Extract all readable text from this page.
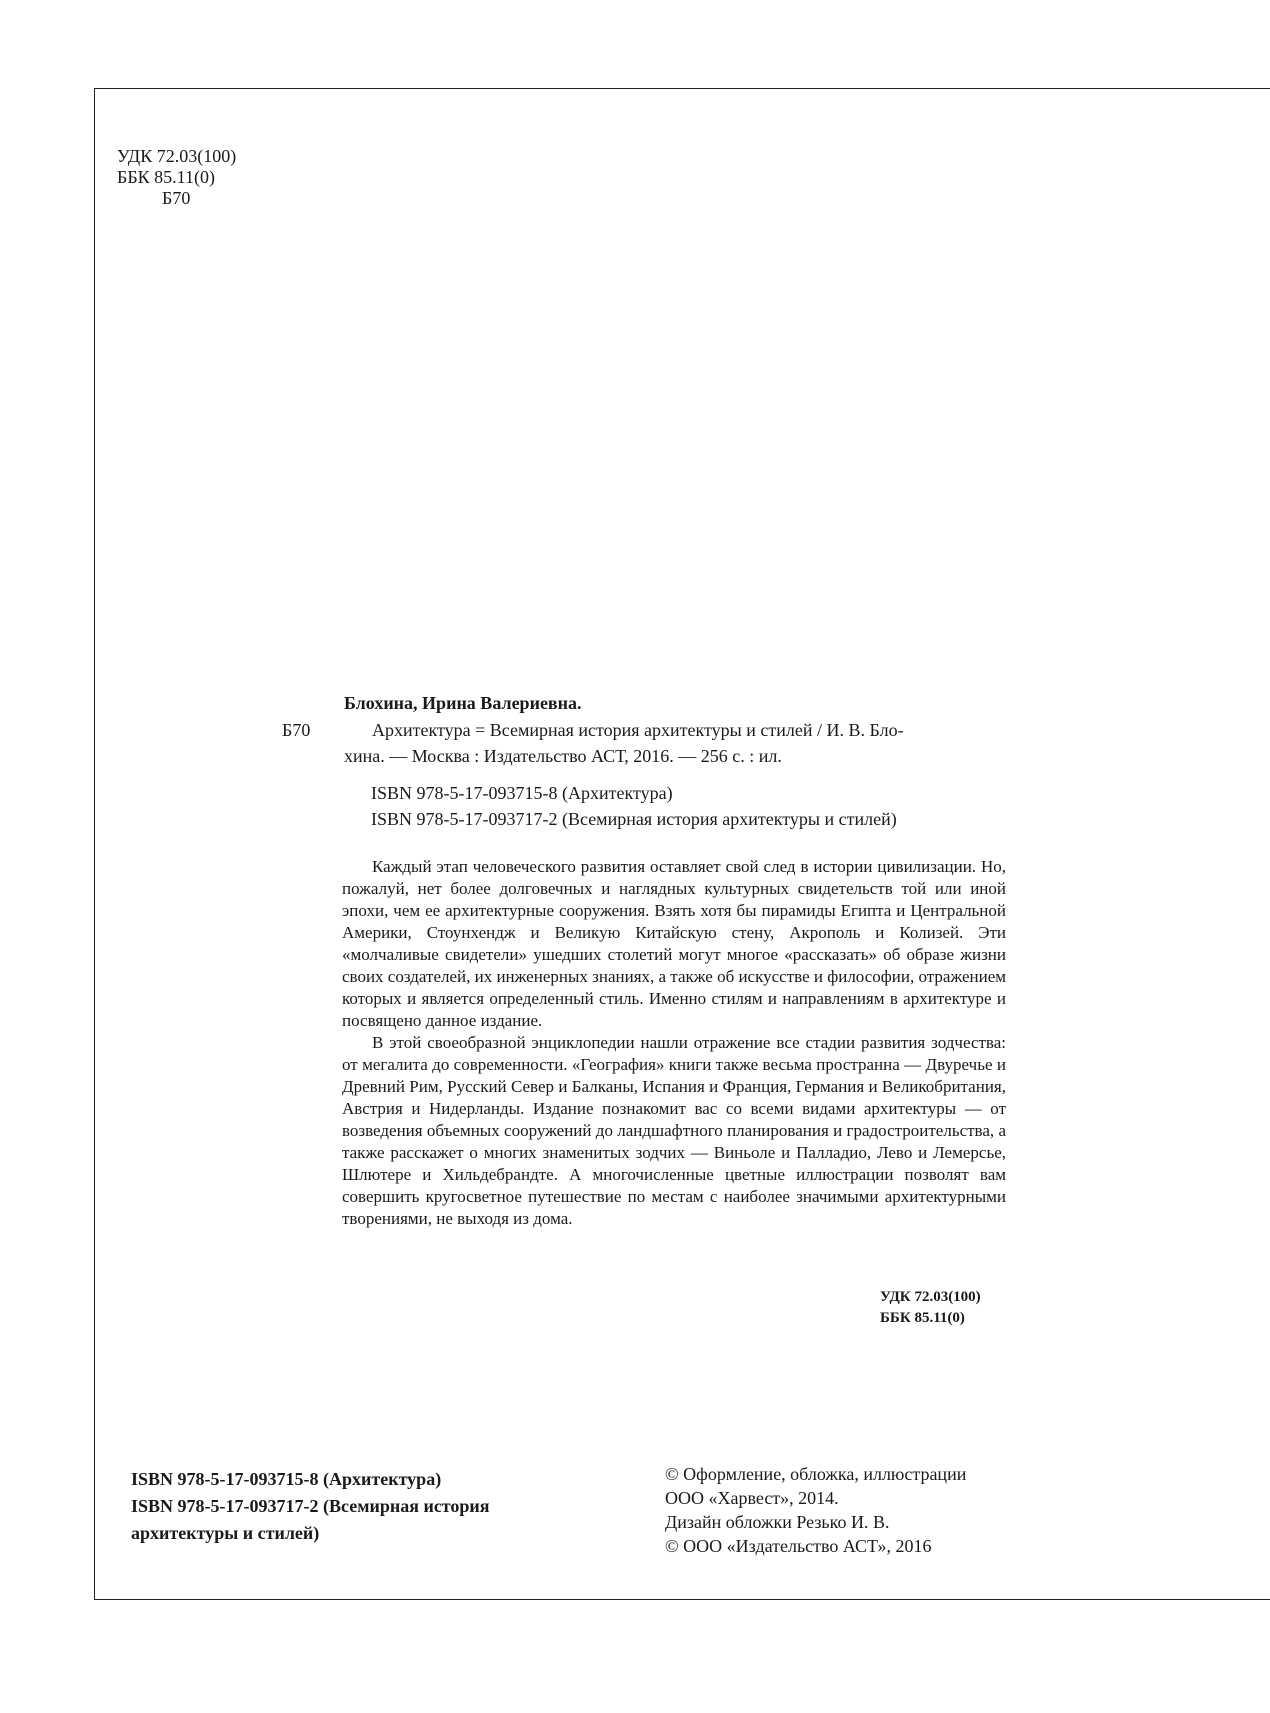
УДК 72.03(100)
ББК 85.11(0)
Б70
Блохина, Ирина Валериевна.
Б70	Архитектура = Всемирная история архитектуры и стилей / И. В. Бло-
хина. — Москва : Издательство АСТ, 2016. — 256 с. : ил.
ISBN 978-5-17-093715-8 (Архитектура)
ISBN 978-5-17-093717-2 (Всемирная история архитектуры и стилей)

Каждый этап человеческого развития оставляет свой след в истории цивилизации. Но, пожалуй, нет более долговечных и наглядных культурных свидетельств той или иной эпохи, чем ее архитектурные сооружения. Взять хотя бы пирамиды Египта и Центральной Америки, Стоунхендж и Великую Китайскую стену, Акрополь и Колизей. Эти «молчаливые свидетели» ушедших столетий могут многое «рассказать» об образе жизни своих создателей, их инженерных знаниях, а также об искусстве и философии, отражением которых и является определенный стиль. Именно стилям и направлениям в архитектуре и посвящено данное издание.

В этой своеобразной энциклопедии нашли отражение все стадии развития зодчества: от мегалита до современности. «География» книги также весьма пространна — Двуречье и Древний Рим, Русский Север и Балканы, Испания и Франция, Германия и Великобритания, Австрия и Нидерланды. Издание познакомит вас со всеми видами архитектуры — от возведения объемных сооружений до ландшафтного планирования и градостроительства, а также расскажет о многих знаменитых зодчих — Виньоле и Палладио, Лево и Лемерсье, Шлютере и Хильдебрандте. А многочисленные цветные иллюстрации позволят вам совершить кругосветное путешествие по местам с наиболее значимыми архитектурными творениями, не выходя из дома.

УДК 72.03(100)
ББК 85.11(0)
ISBN 978-5-17-093715-8 (Архитектура)
ISBN 978-5-17-093717-2 (Всемирная история
архитектуры и стилей)
© Оформление, обложка, иллюстрации
ООО «Харвест», 2014.
Дизайн обложки Резько И. В.
© ООО «Издательство АСТ», 2016
